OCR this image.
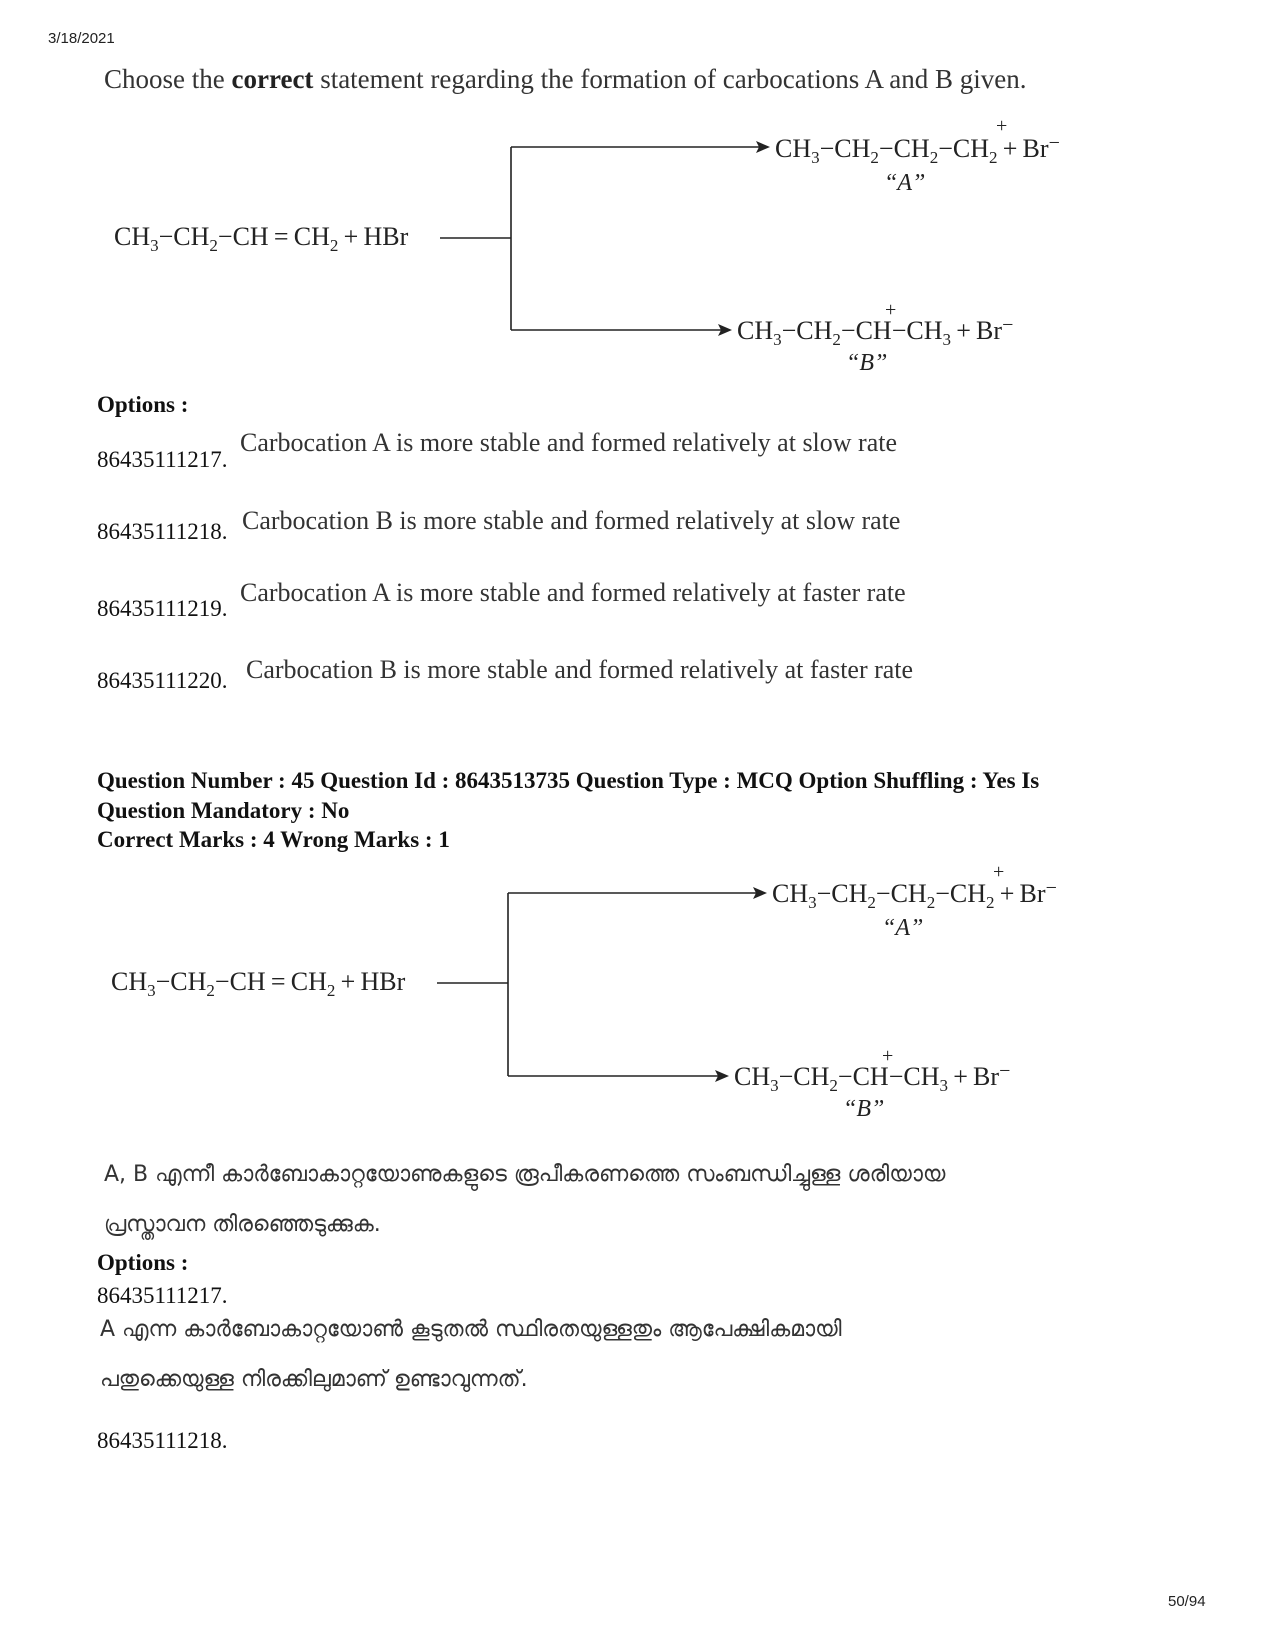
3/18/2021
Choose the correct statement regarding the formation of carbocations A and B given.
$CH_3-CH_2-CH = CH_2$ + HBr
$CH_3-CH_2-CH_2-CH_2 + Br^-$
+
“A”
$CH_3-CH_2-CH-CH_3 + Br^-$
+
“B”
Options :
86435111217.
Carbocation A is more stable and formed relatively at slow rate
86435111218. Carbocation B is more stable and formed relatively at slow rate
86435111219.
Carbocation A is more stable and formed relatively at faster rate
86435111220. Carbocation B is more stable and formed relatively at faster rate
Question Number : 45 Question Id : 8643513735 Question Type : MCQ Option Shuffling : Yes Is
Question Mandatory : No
Correct Marks : 4 Wrong Marks : 1
$CH_3-CH_2-CH = CH_2$ + HBr
$CH_3-CH_2-CH_2-CH_2 + Br^-$
+
“A”
$CH_3-CH_2-CH-CH_3 + Br^-$
+
“B”
A, B എന്നീ കാർബോകാറ്റയോണുകളുടെ രൂപീകരണത്തെ സംബന്ധിച്ചുള്ള ശരിയായ
പ്രസ്താവന തിരഞ്ഞെടുക്കുക.
Options :
86435111217.
A എന്ന കാർബോകാറ്റയോൺ കൂടുതൽ സ്ഥിരതയുള്ളതും ആപേക്ഷികമായി
പതുക്കെയുള്ള നിരക്കിലുമാണ് ഉണ്ടാവുന്നത്.
86435111218.
50/94
